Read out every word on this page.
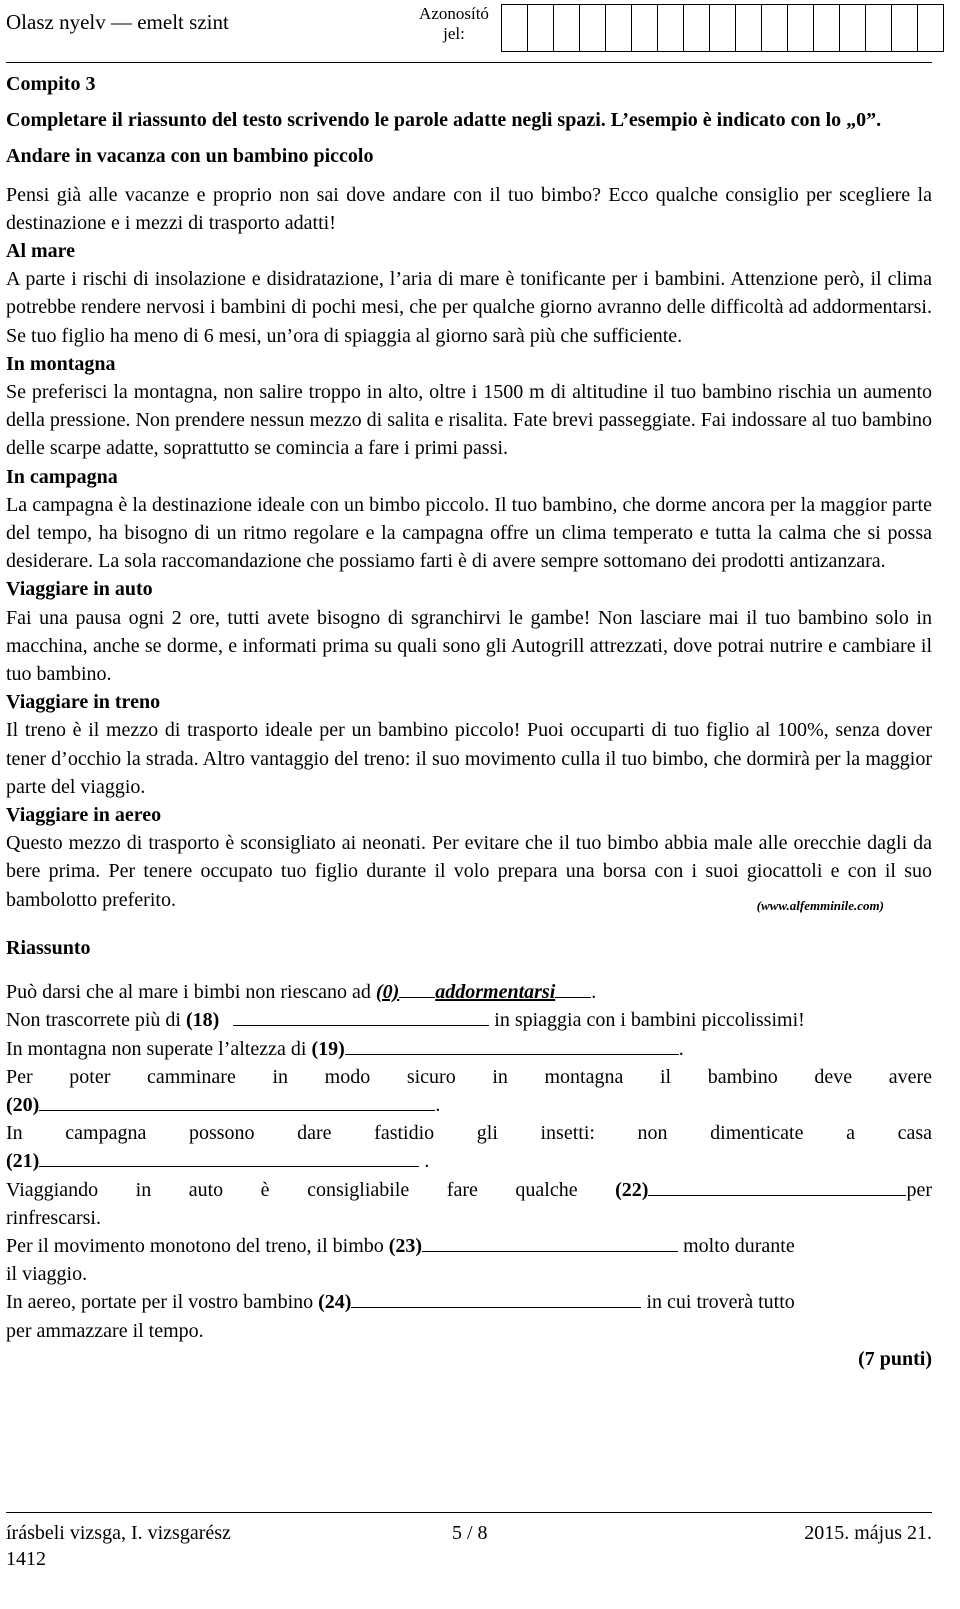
Olasz nyelv — emelt szint	Azonosító jel:

Compito 3

Completare il riassunto del testo scrivendo le parole adatte negli spazi. L’esempio è indicato con lo „0”.

Andare in vacanza con un bambino piccolo

Pensi già alle vacanze e proprio non sai dove andare con il tuo bimbo? Ecco qualche consiglio per scegliere la destinazione e i mezzi di trasporto adatti!

Al mare

A parte i rischi di insolazione e disidratazione, l’aria di mare è tonificante per i bambini. Attenzione però, il clima potrebbe rendere nervosi i bambini di pochi mesi, che per qualche giorno avranno delle difficoltà ad addormentarsi. Se tuo figlio ha meno di 6 mesi, un’ora di spiaggia al giorno sarà più che sufficiente.

In montagna

Se preferisci la montagna, non salire troppo in alto, oltre i 1500 m di altitudine il tuo bambino rischia un aumento della pressione. Non prendere nessun mezzo di salita e risalita. Fate brevi passeggiate. Fai indossare al tuo bambino delle scarpe adatte, soprattutto se comincia a fare i primi passi.

In campagna

La campagna è la destinazione ideale con un bimbo piccolo. Il tuo bambino, che dorme ancora per la maggior parte del tempo, ha bisogno di un ritmo regolare e la campagna offre un clima temperato e tutta la calma che si possa desiderare. La sola raccomandazione che possiamo farti è di avere sempre sottomano dei prodotti antizanzara.

Viaggiare in auto

Fai una pausa ogni 2 ore, tutti avete bisogno di sgranchirvi le gambe! Non lasciare mai il tuo bambino solo in macchina, anche se dorme, e informati prima su quali sono gli Autogrill attrezzati, dove potrai nutrire e cambiare il tuo bambino.

Viaggiare in treno

Il treno è il mezzo di trasporto ideale per un bambino piccolo! Puoi occuparti di tuo figlio al 100%, senza dover tener d’occhio la strada. Altro vantaggio del treno: il suo movimento culla il tuo bimbo, che dormirà per la maggior parte del viaggio.

Viaggiare in aereo

Questo mezzo di trasporto è sconsigliato ai neonati. Per evitare che il tuo bimbo abbia male alle orecchie dagli da bere prima. Per tenere occupato tuo figlio durante il volo prepara una borsa con i suoi giocattoli e con il suo bambolotto preferito.	(www.alfemminile.com)

Riassunto

Può darsi che al mare i bimbi non riescano ad (0) addormentarsi .

Non trascorrete più di (18)	in spiaggia con i bambini piccolissimi!

In montagna non superate l’altezza di (19)	.

Per poter camminare in modo sicuro in montagna il bambino deve avere

(20)	.

In campagna possono dare fastidio gli insetti: non dimenticate a casa

(21)	.

Viaggiando in auto è consigliabile fare qualche (22)	per

rinfrescarsi.

Per il movimento monotono del treno, il bimbo (23)	molto durante

il viaggio.

In aereo, portate per il vostro bambino (24)	in cui troverà tutto

per ammazzare il tempo.

(7 punti)

írásbeli vizsga, I. vizsgarész	5 / 8	2015. május 21.
1412
